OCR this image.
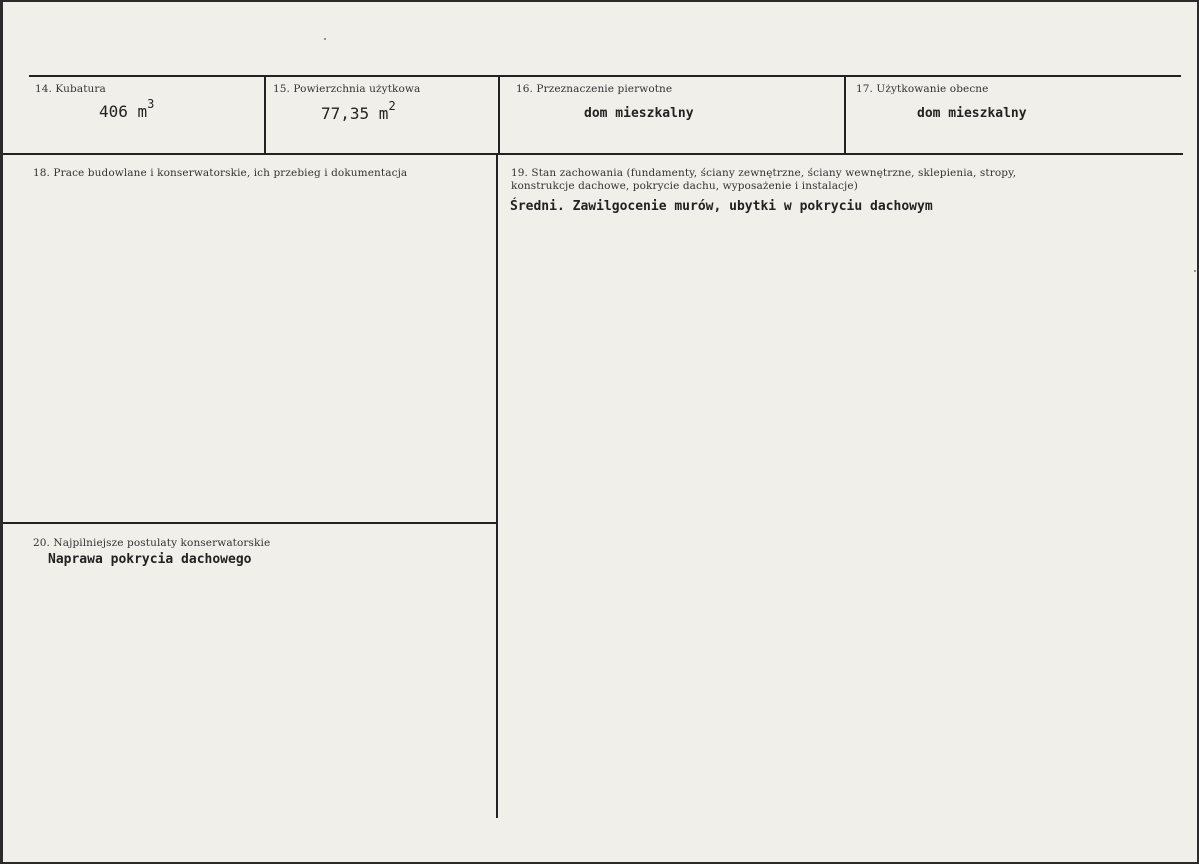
14. Kubatura
406 $m^3$
15. Powierzchnia użytkowa
77,35 $m^2$
16. Przeznaczenie pierwotne
dom mieszkalny
17. Użytkowanie obecne
dom mieszkalny
18. Prace budowlane i konserwatorskie, ich przebieg i dokumentacja	19. Stan zachowania (fundamenty, ściany zewnętrzne, ściany wewnętrzne, sklepienia, stropy,
konstrukcje dachowe, pokrycie dachu, wyposażenie i instalacje)
Średni. Zawilgocenie murów, ubytki w pokryciu dachowym
20. Najpilniejsze postulaty konserwatorskie
Naprawa pokrycia dachowego
